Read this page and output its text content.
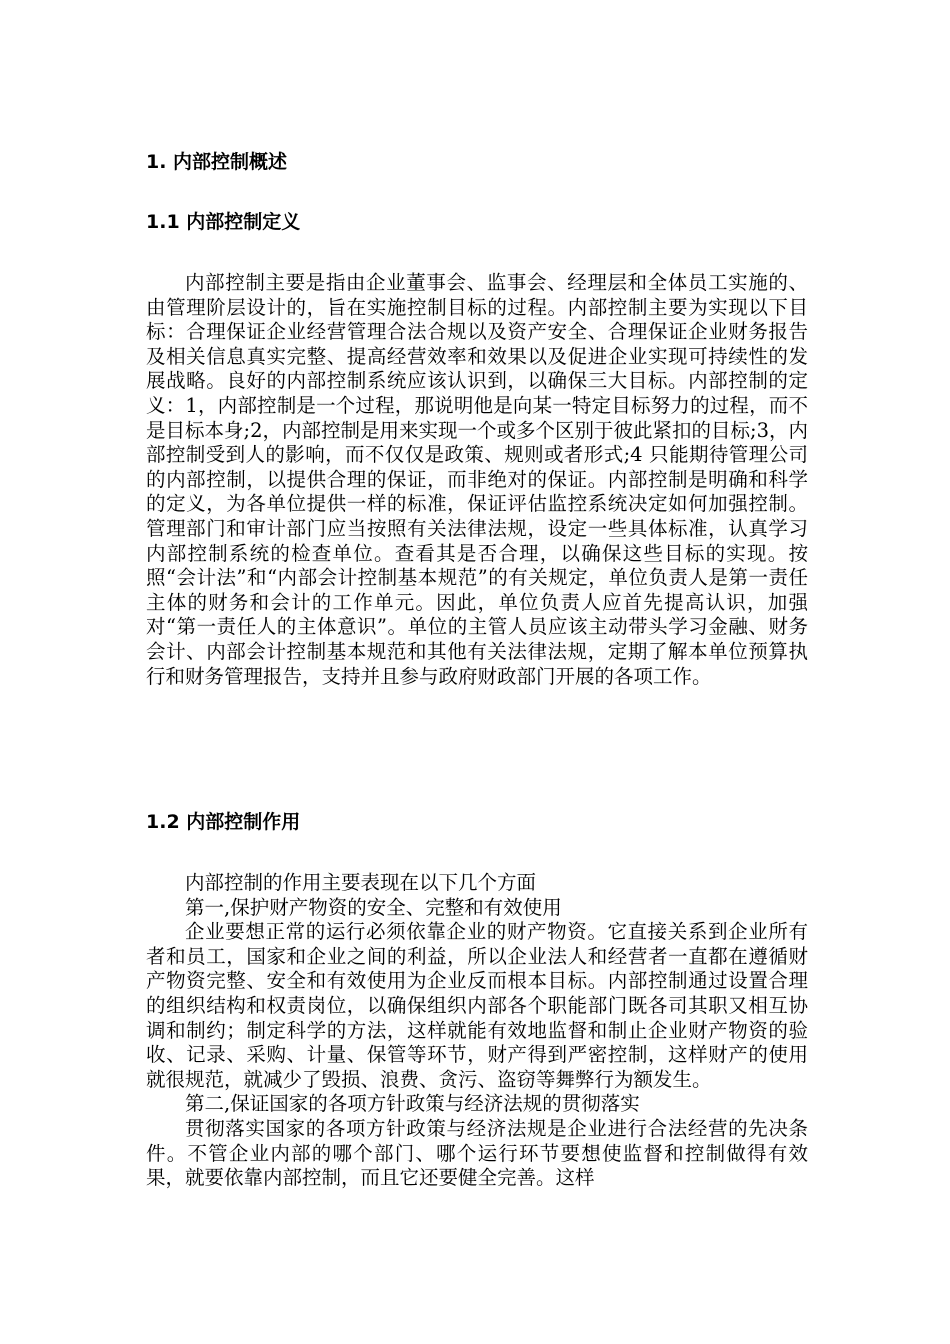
1. 内部控制概述
1.1 内部控制定义

内部控制主要是指由企业董事会、监事会、经理层和全体员工实施的、由管理阶层设计的，旨在实施控制目标的过程。内部控制主要为实现以下目标：合理保证企业经营管理合法合规以及资产安全、合理保证企业财务报告及相关信息真实完整、提高经营效率和效果以及促进企业实现可持续性的发展战略。良好的内部控制系统应该认识到，以确保三大目标。内部控制的定义：1，内部控制是一个过程，那说明他是向某一特定目标努力的过程，而不是目标本身;2，内部控制是用来实现一个或多个区别于彼此紧扣的目标;3，内部控制受到人的影响，而不仅仅是政策、规则或者形式;4 只能期待管理公司的内部控制，以提供合理的保证，而非绝对的保证。内部控制是明确和科学的定义，为各单位提供一样的标准，保证评估监控系统决定如何加强控制。管理部门和审计部门应当按照有关法律法规，设定一些具体标准，认真学习内部控制系统的检查单位。查看其是否合理，以确保这些目标的实现。按照“会计法”和“内部会计控制基本规范”的有关规定，单位负责人是第一责任主体的财务和会计的工作单元。因此，单位负责人应首先提高认识，加强对“第一责任人的主体意识”。单位的主管人员应该主动带头学习金融、财务会计、内部会计控制基本规范和其他有关法律法规，定期了解本单位预算执行和财务管理报告，支持并且参与政府财政部门开展的各项工作。

1.2 内部控制作用

内部控制的作用主要表现在以下几个方面

第一,保护财产物资的安全、完整和有效使用

企业要想正常的运行必须依靠企业的财产物资。它直接关系到企业所有者和员工，国家和企业之间的利益，所以企业法人和经营者一直都在遵循财产物资完整、安全和有效使用为企业反而根本目标。内部控制通过设置合理的组织结构和权责岗位，以确保组织内部各个职能部门既各司其职又相互协调和制约；制定科学的方法，这样就能有效地监督和制止企业财产物资的验收、记录、采购、计量、保管等环节，财产得到严密控制，这样财产的使用就很规范，就减少了毁损、浪费、贪污、盗窃等舞弊行为额发生。

第二,保证国家的各项方针政策与经济法规的贯彻落实

贯彻落实国家的各项方针政策与经济法规是企业进行合法经营的先决条件。不管企业内部的哪个部门、哪个运行环节要想使监督和控制做得有效果，就要依靠内部控制，而且它还要健全完善。这样
